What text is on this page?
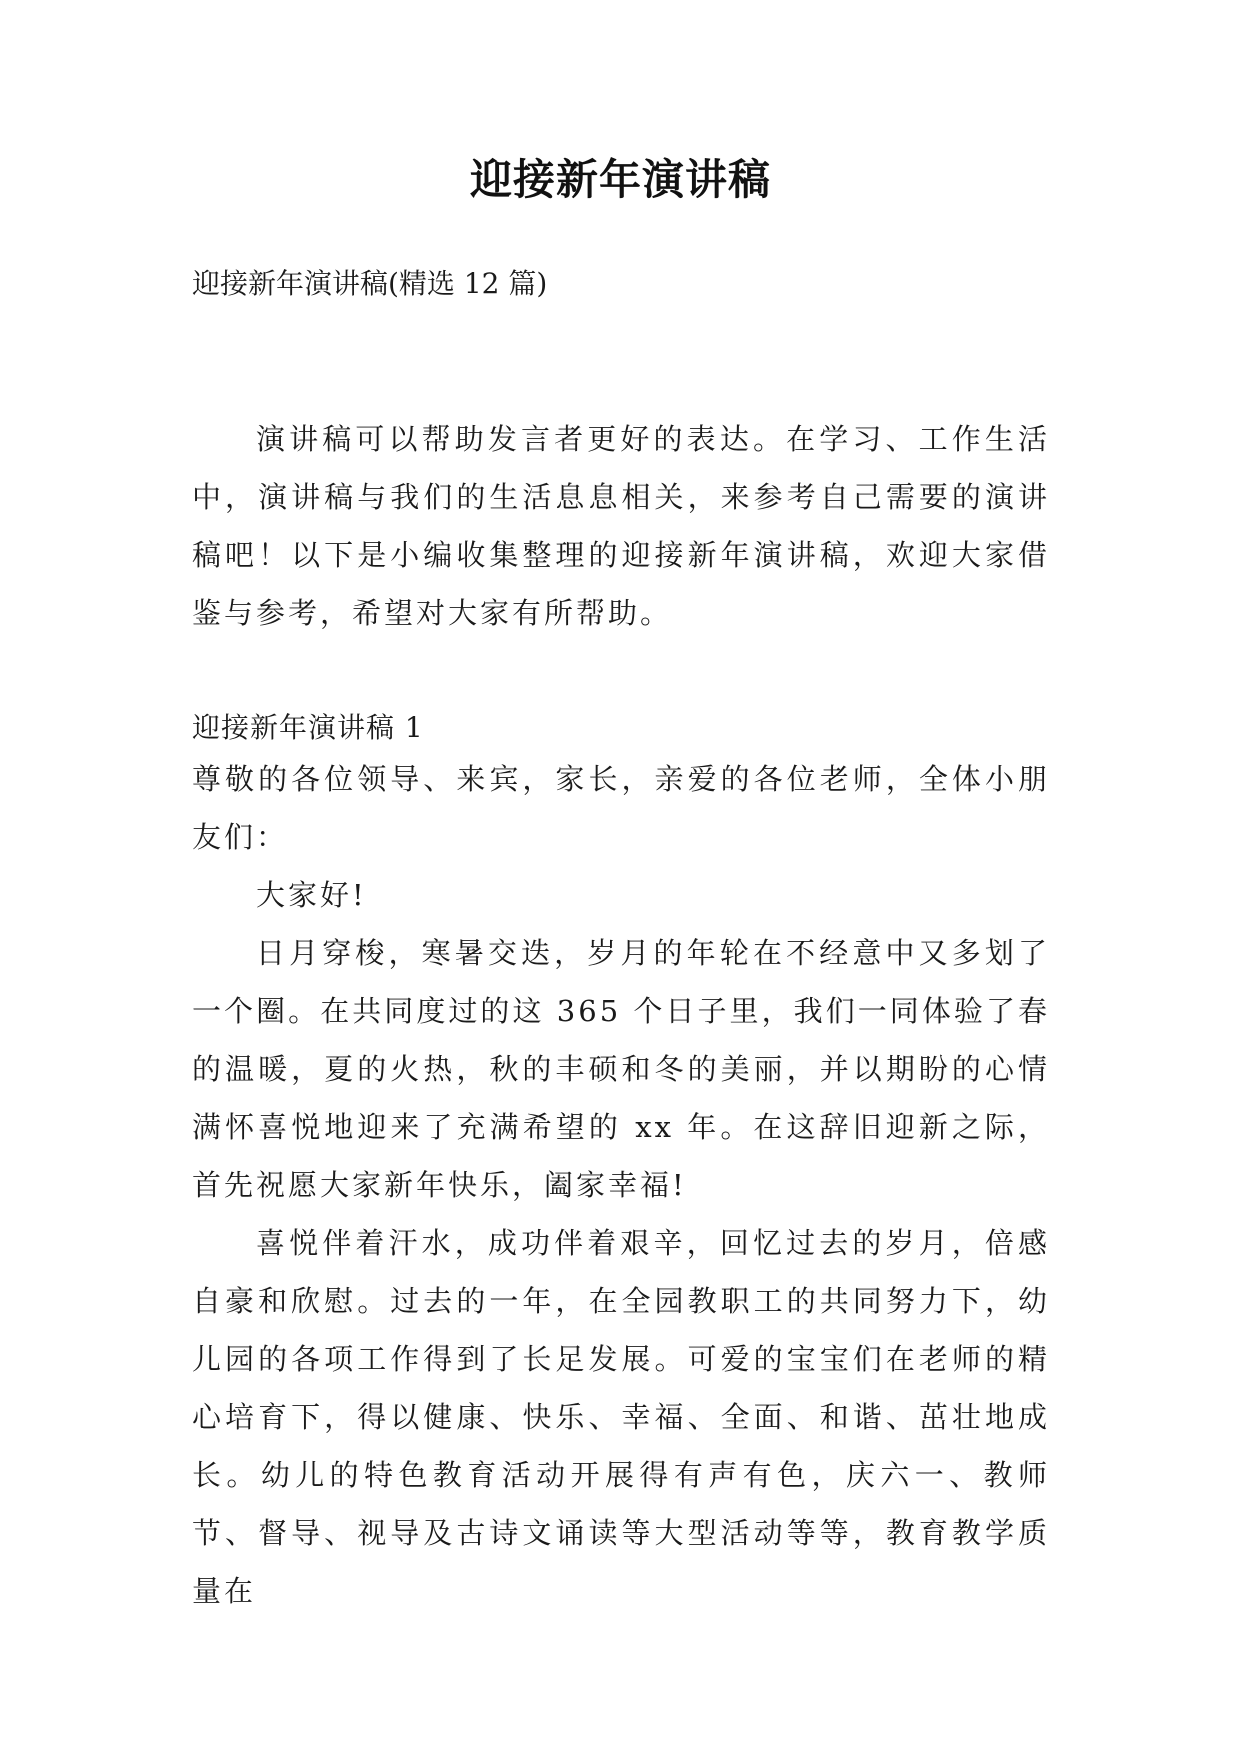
迎接新年演讲稿
迎接新年演讲稿(精选 12 篇)

演讲稿可以帮助发言者更好的表达。在学习、工作生活中，演讲稿与我们的生活息息相关，来参考自己需要的演讲稿吧！以下是小编收集整理的迎接新年演讲稿，欢迎大家借鉴与参考，希望对大家有所帮助。

迎接新年演讲稿 1

尊敬的各位领导、来宾，家长，亲爱的各位老师，全体小朋友们：

大家好!

日月穿梭，寒暑交迭，岁月的年轮在不经意中又多划了一个圈。在共同度过的这 365 个日子里，我们一同体验了春的温暖，夏的火热，秋的丰硕和冬的美丽，并以期盼的心情满怀喜悦地迎来了充满希望的 xx 年。在这辞旧迎新之际，首先祝愿大家新年快乐，阖家幸福!

喜悦伴着汗水，成功伴着艰辛，回忆过去的岁月，倍感自豪和欣慰。过去的一年，在全园教职工的共同努力下，幼儿园的各项工作得到了长足发展。可爱的宝宝们在老师的精心培育下，得以健康、快乐、幸福、全面、和谐、茁壮地成长。幼儿的特色教育活动开展得有声有色，庆六一、教师节、督导、视导及古诗文诵读等大型活动等等，教育教学质量在
